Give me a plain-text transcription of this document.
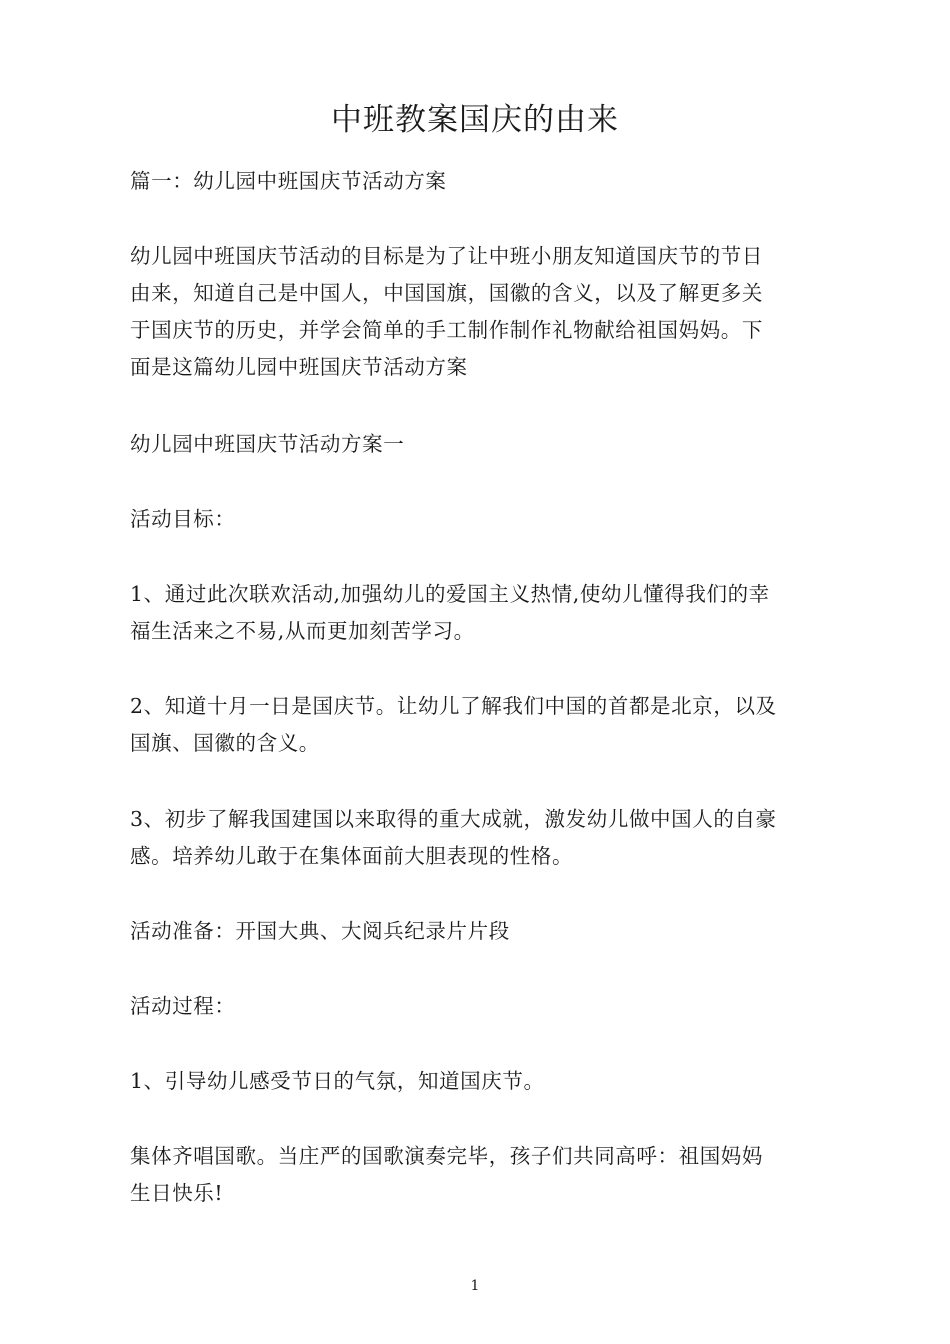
中班教案国庆的由来
篇一：幼儿园中班国庆节活动方案
幼儿园中班国庆节活动的目标是为了让中班小朋友知道国庆节的节日
由来，知道自己是中国人，中国国旗，国徽的含义，以及了解更多关
于国庆节的历史，并学会简单的手工制作制作礼物献给祖国妈妈。下
面是这篇幼儿园中班国庆节活动方案
幼儿园中班国庆节活动方案一
活动目标：
1、通过此次联欢活动,加强幼儿的爱国主义热情,使幼儿懂得我们的幸
福生活来之不易,从而更加刻苦学习。
2、知道十月一日是国庆节。让幼儿了解我们中国的首都是北京，以及
国旗、国徽的含义。
3、初步了解我国建国以来取得的重大成就，激发幼儿做中国人的自豪
感。培养幼儿敢于在集体面前大胆表现的性格。
活动准备：开国大典、大阅兵纪录片片段
活动过程：
1、引导幼儿感受节日的气氛，知道国庆节。
集体齐唱国歌。当庄严的国歌演奏完毕，孩子们共同高呼：祖国妈妈
生日快乐!
1
